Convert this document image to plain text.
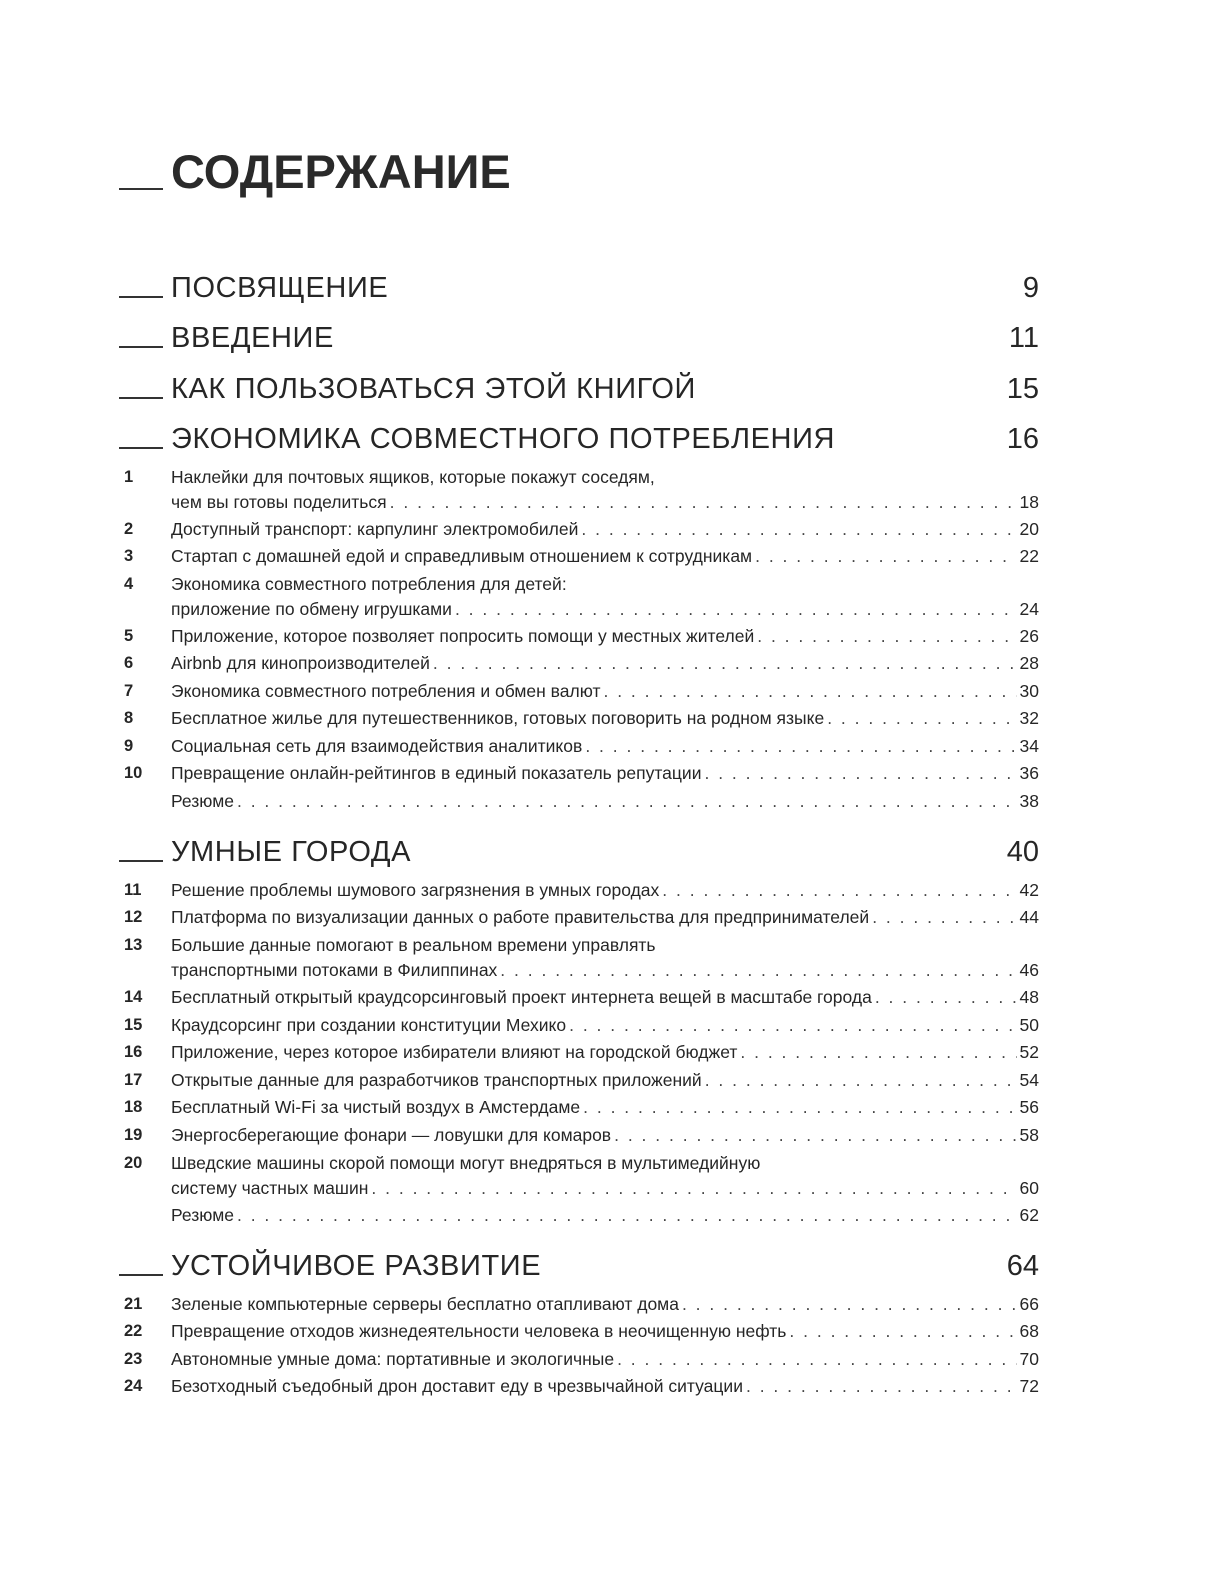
СОДЕРЖАНИЕ
ПОСВЯЩЕНИЕ	9
ВВЕДЕНИЕ	11
КАК ПОЛЬЗОВАТЬСЯ ЭТОЙ КНИГОЙ	15
ЭКОНОМИКА СОВМЕСТНОГО ПОТРЕБЛЕНИЯ	16
1	Наклейки для почтовых ящиков, которые покажут соседям,
чем вы готовы поделиться . . .	18
2	Доступный транспорт: карпулинг электромобилей . . .	20
3	Стартап с домашней едой и справедливым отношением к сотрудникам . . .	22
4	Экономика совместного потребления для детей:
приложение по обмену игрушками . . .	24
5	Приложение, которое позволяет попросить помощи у местных жителей . . .	26
6	Airbnb для кинопроизводителей . . .	28
7	Экономика совместного потребления и обмен валют . . .	30
8	Бесплатное жилье для путешественников, готовых поговорить на родном языке . . .	32
9	Социальная сеть для взаимодействия аналитиков . . .	34
10	Превращение онлайн-рейтингов в единый показатель репутации . . .	36
Резюме . . .	38
УМНЫЕ ГОРОДА	40
11	Решение проблемы шумового загрязнения в умных городах . . .	42
12	Платформа по визуализации данных о работе правительства для предпринимателей . . .	44
13	Большие данные помогают в реальном времени управлять
транспортными потоками в Филиппинах . . .	46
14	Бесплатный открытый краудсорсинговый проект интернета вещей в масштабе города . . .	48
15	Краудсорсинг при создании конституции Мехико . . .	50
16	Приложение, через которое избиратели влияют на городской бюджет . . .	52
17	Открытые данные для разработчиков транспортных приложений . . .	54
18	Бесплатный Wi-Fi за чистый воздух в Амстердаме . . .	56
19	Энергосберегающие фонари — ловушки для комаров . . .	58
20	Шведские машины скорой помощи могут внедряться в мультимедийную
систему частных машин . . .	60
Резюме . . .	62
УСТОЙЧИВОЕ РАЗВИТИЕ	64
21	Зеленые компьютерные серверы бесплатно отапливают дома . . .	66
22	Превращение отходов жизнедеятельности человека в неочищенную нефть . . .	68
23	Автономные умные дома: портативные и экологичные . . .	70
24	Безотходный съедобный дрон доставит еду в чрезвычайной ситуации . . .	72
